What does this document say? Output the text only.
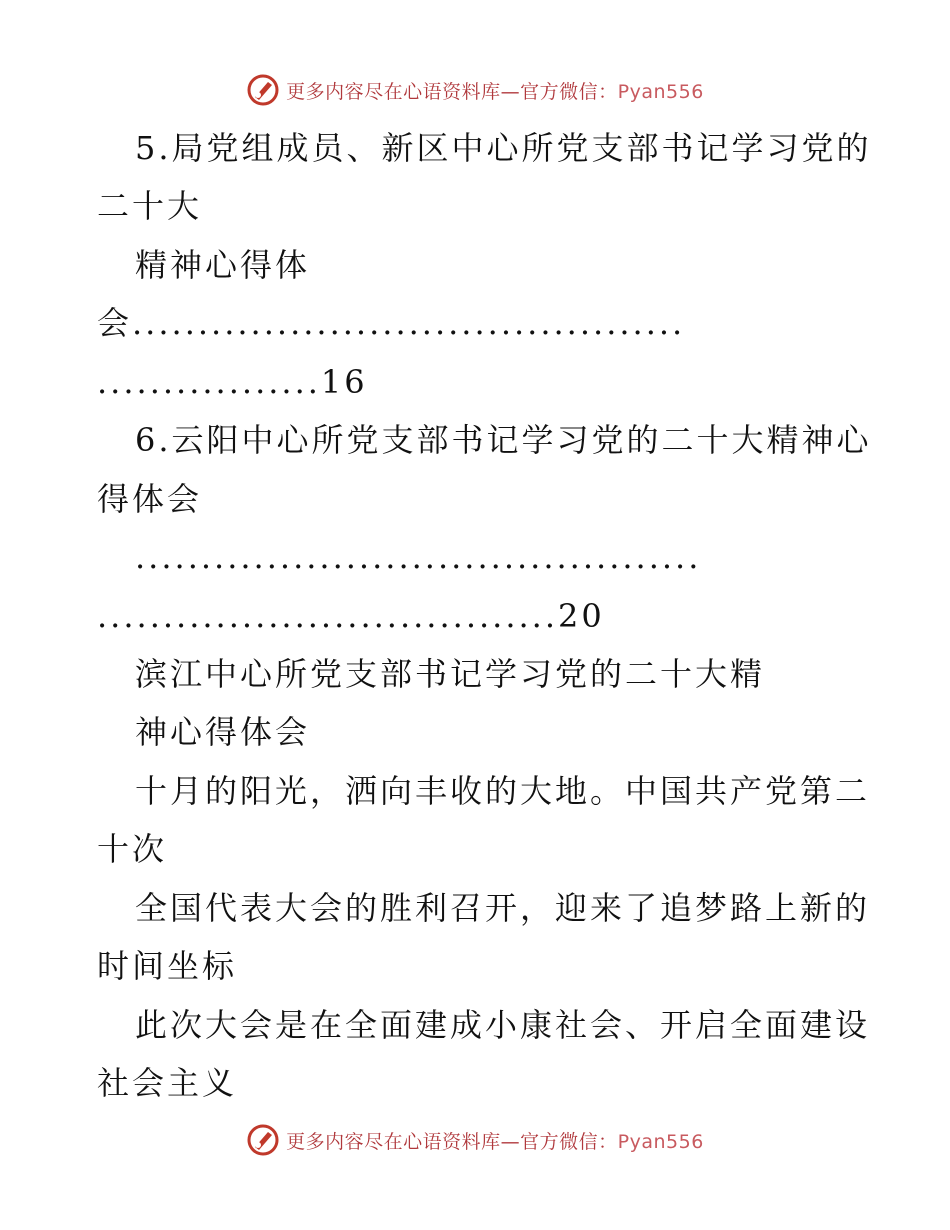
更多内容尽在心语资料库—官方微信：Pyan556
5.局党组成员、新区中心所党支部书记学习党的
二十大
精神心得体
会..........................................
.................16
6.云阳中心所党支部书记学习党的二十大精神心
得体会
...........................................
...................................20
滨江中心所党支部书记学习党的二十大精
神心得体会
十月的阳光，洒向丰收的大地。中国共产党第二
十次
全国代表大会的胜利召开，迎来了追梦路上新的
时间坐标
此次大会是在全面建成小康社会、开启全面建设
社会主义
更多内容尽在心语资料库—官方微信：Pyan556
